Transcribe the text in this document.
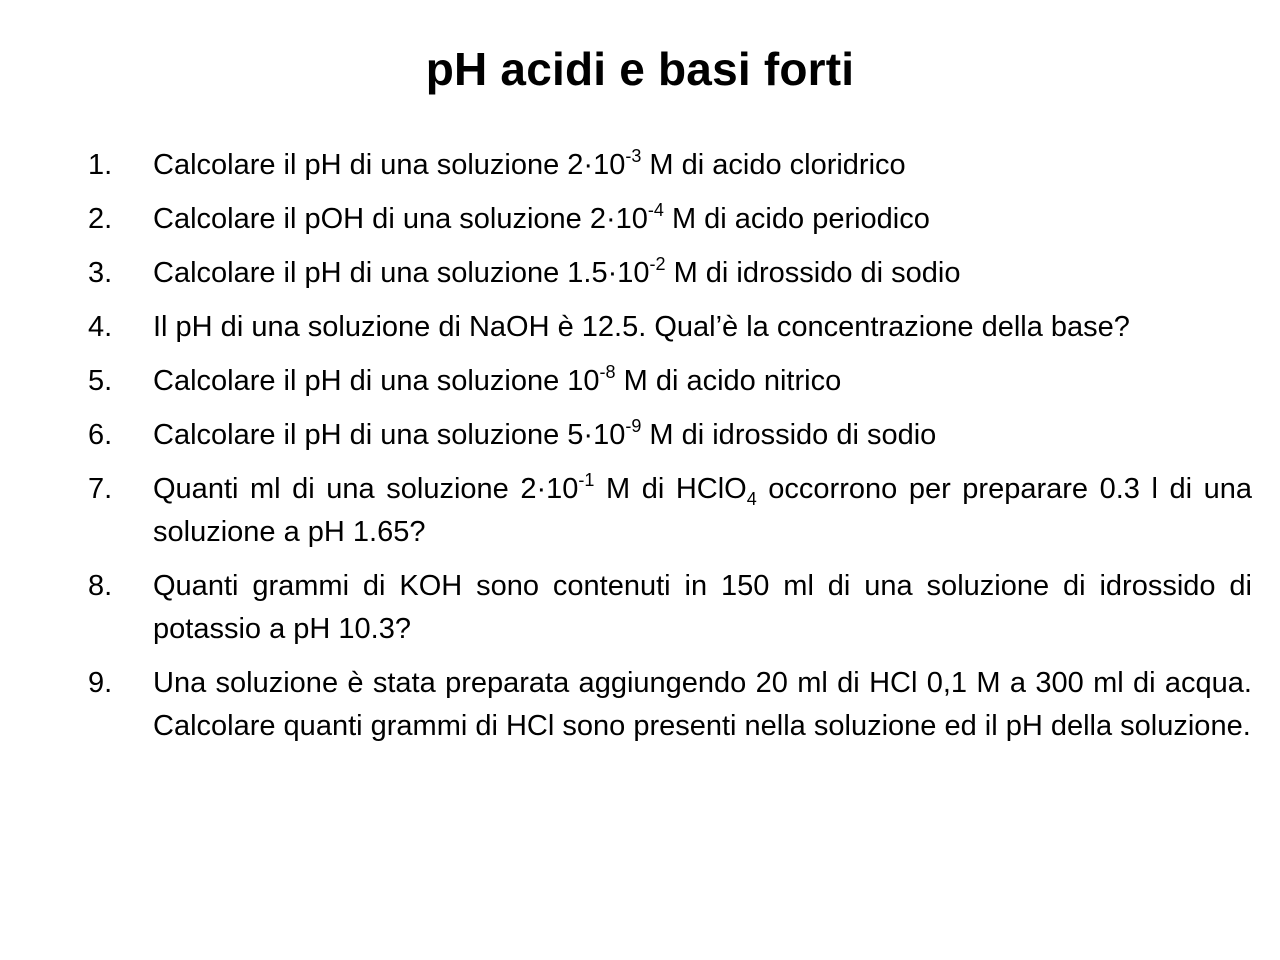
pH acidi e basi forti
1. Calcolare il pH di una soluzione $2\cdot 10^{-3}$ M di acido cloridrico
2. Calcolare il pOH di una soluzione $2\cdot 10^{-4}$ M di acido periodico
3. Calcolare il pH di una soluzione $1.5\cdot 10^{-2}$ M di idrossido di sodio
4. Il pH di una soluzione di NaOH è 12.5. Qual’è la concentrazione della base?
5. Calcolare il pH di una soluzione $10^{-8}$ M di acido nitrico
6. Calcolare il pH di una soluzione $5\cdot 10^{-9}$ M di idrossido di sodio
7. Quanti ml di una soluzione $2\cdot 10^{-1}$ M di HClO$_4$ occorrono per preparare 0.3 l di una soluzione a pH 1.65?
8. Quanti grammi di KOH sono contenuti in 150 ml di una soluzione di idrossido di potassio a pH 10.3?
9. Una soluzione è stata preparata aggiungendo 20 ml di HCl 0,1 M a 300 ml di acqua. Calcolare quanti grammi di HCl sono presenti nella soluzione ed il pH della soluzione.
